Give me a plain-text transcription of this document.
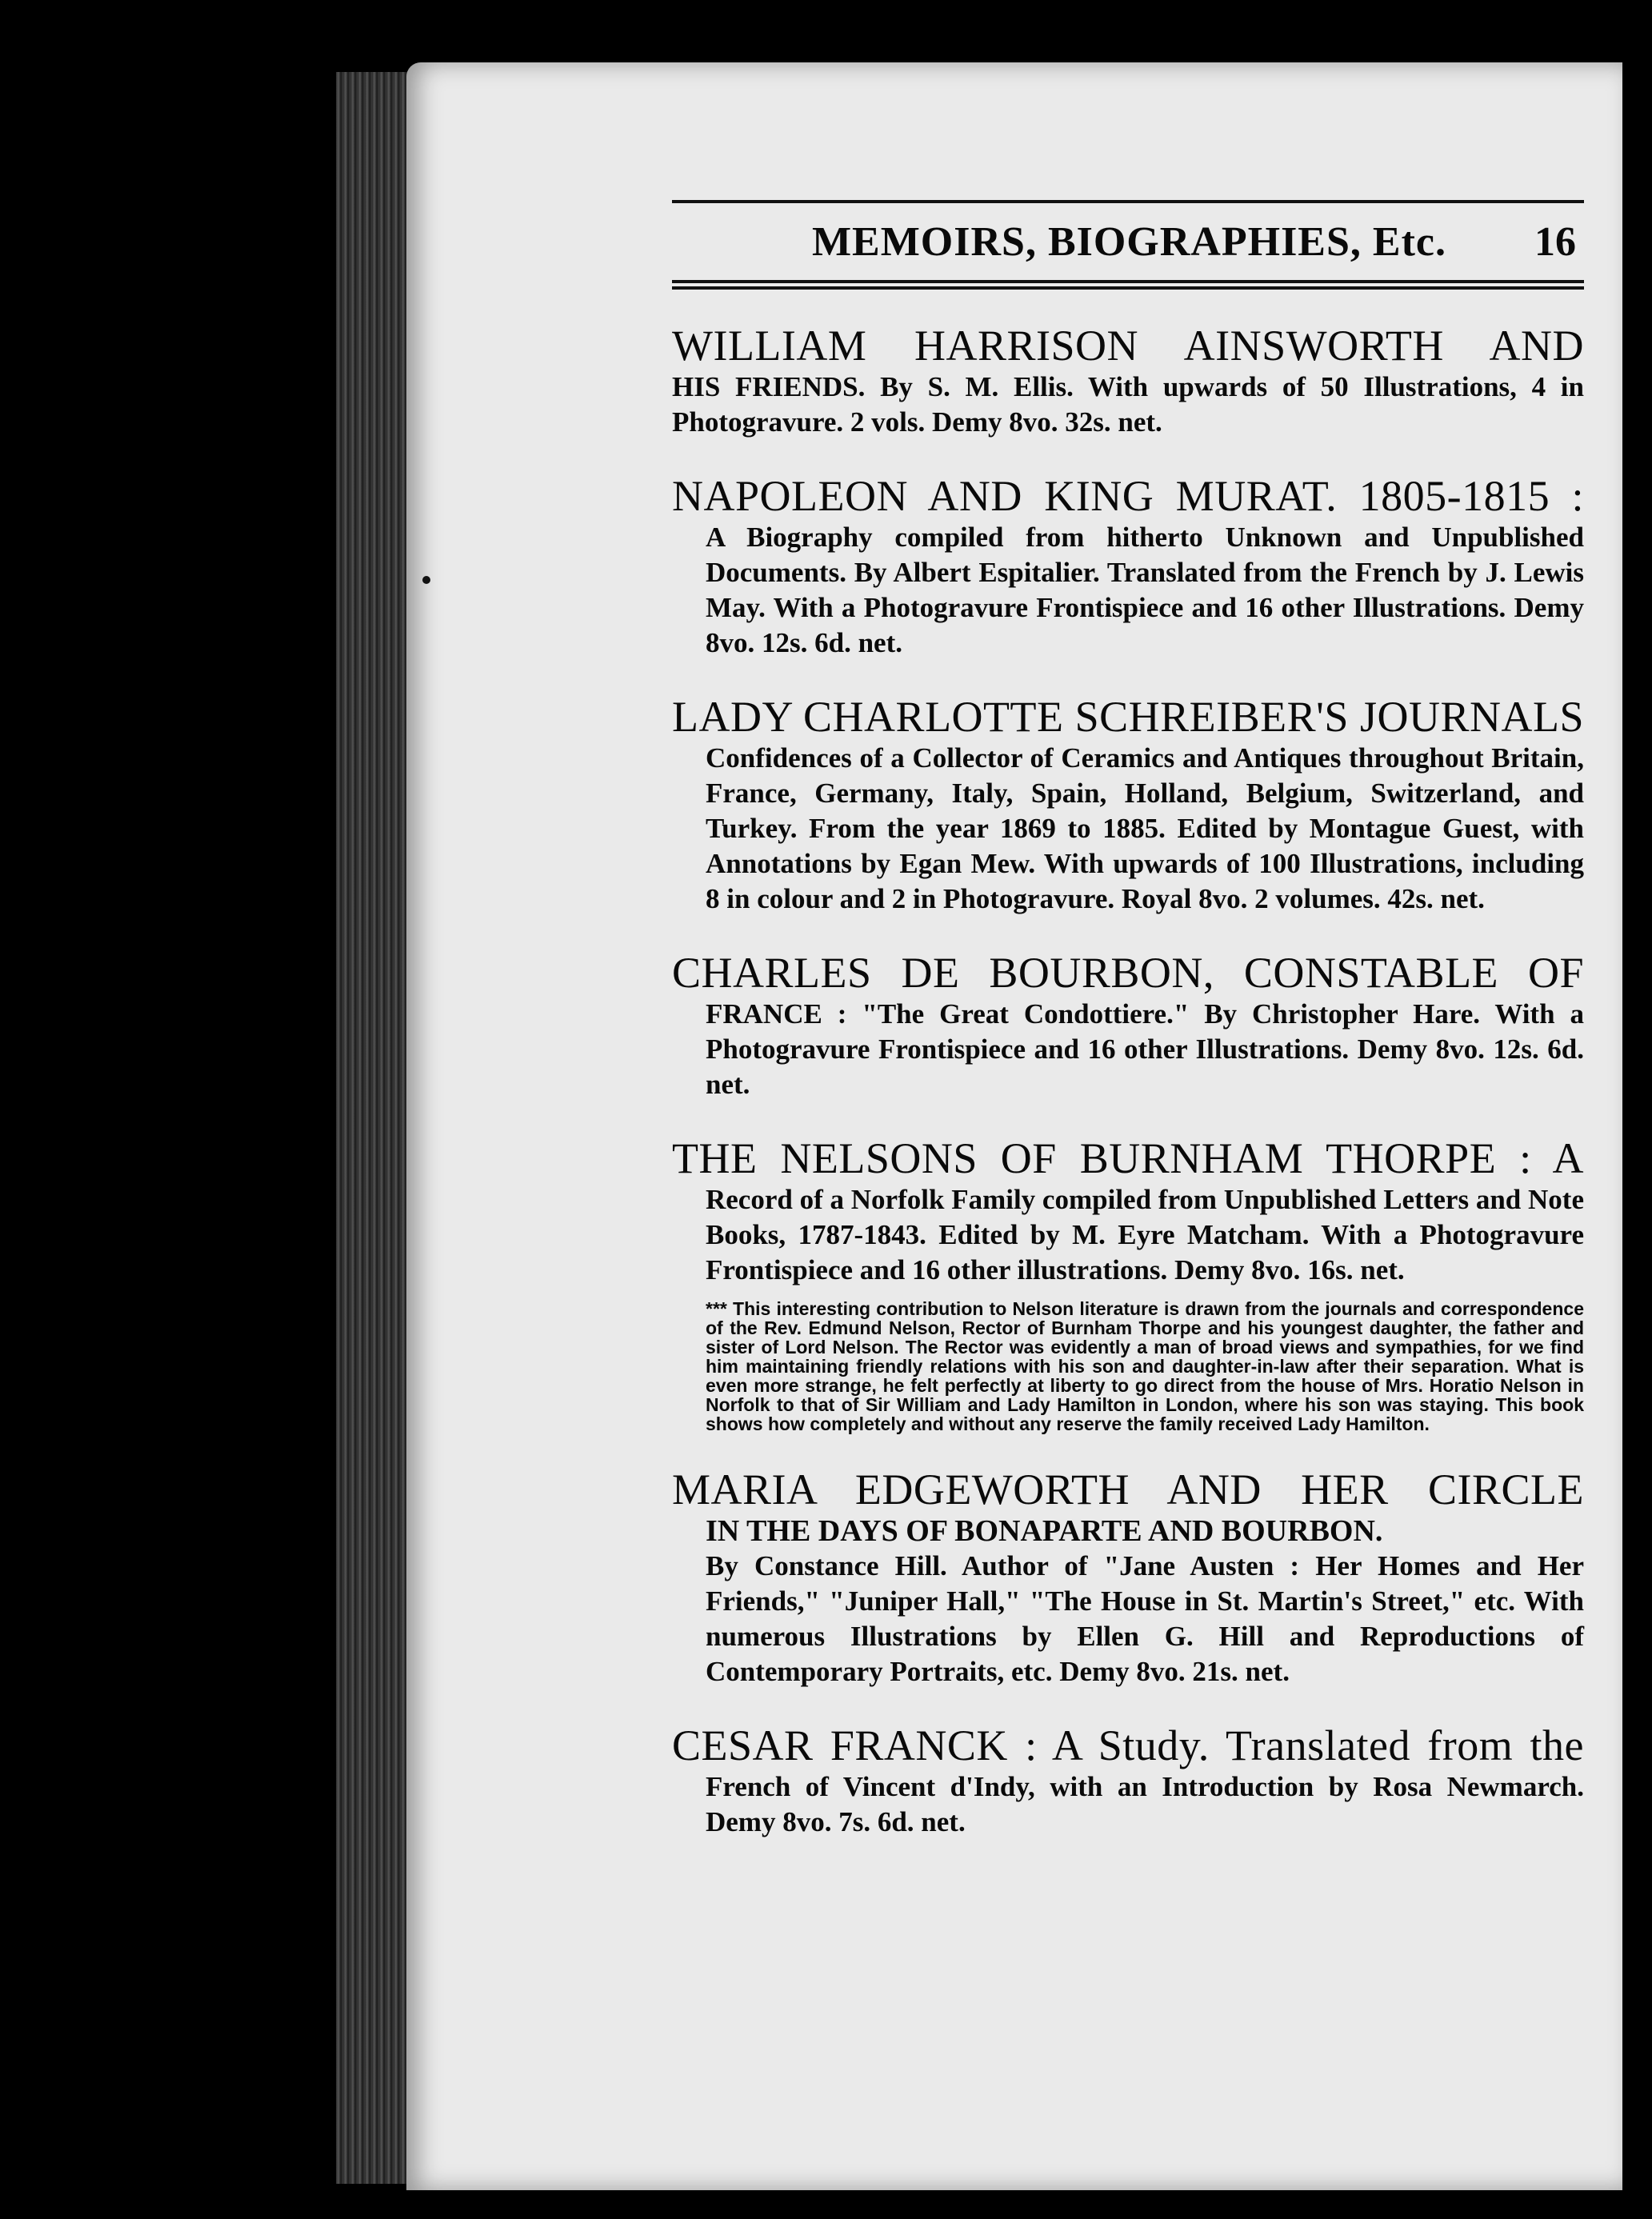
MEMOIRS, BIOGRAPHIES, Etc. 16
WILLIAM HARRISON AINSWORTH AND
HIS FRIENDS. By S. M. Ellis. With upwards of 50 Illustrations, 4 in Photogravure. 2 vols. Demy 8vo. 32s. net.
NAPOLEON AND KING MURAT. 1805-1815 :
A Biography compiled from hitherto Unknown and Unpublished Documents. By Albert Espitalier. Translated from the French by J. Lewis May. With a Photogravure Frontispiece and 16 other Illustrations. Demy 8vo. 12s. 6d. net.
LADY CHARLOTTE SCHREIBER'S JOURNALS
Confidences of a Collector of Ceramics and Antiques throughout Britain, France, Germany, Italy, Spain, Holland, Belgium, Switzerland, and Turkey. From the year 1869 to 1885. Edited by Montague Guest, with Annotations by Egan Mew. With upwards of 100 Illustrations, including 8 in colour and 2 in Photogravure. Royal 8vo. 2 volumes. 42s. net.
CHARLES DE BOURBON, CONSTABLE OF
FRANCE : "The Great Condottiere." By Christopher Hare. With a Photogravure Frontispiece and 16 other Illustrations. Demy 8vo. 12s. 6d. net.
THE NELSONS OF BURNHAM THORPE : A
Record of a Norfolk Family compiled from Unpublished Letters and Note Books, 1787-1843. Edited by M. Eyre Matcham. With a Photogravure Frontispiece and 16 other illustrations. Demy 8vo. 16s. net.
*** This interesting contribution to Nelson literature is drawn from the journals and correspondence of the Rev. Edmund Nelson, Rector of Burnham Thorpe and his youngest daughter, the father and sister of Lord Nelson. The Rector was evidently a man of broad views and sympathies, for we find him maintaining friendly relations with his son and daughter-in-law after their separation. What is even more strange, he felt perfectly at liberty to go direct from the house of Mrs. Horatio Nelson in Norfolk to that of Sir William and Lady Hamilton in London, where his son was staying. This book shows how completely and without any reserve the family received Lady Hamilton.
MARIA EDGEWORTH AND HER CIRCLE
IN THE DAYS OF BONAPARTE AND BOURBON.
By Constance Hill. Author of "Jane Austen : Her Homes and Her Friends," "Juniper Hall," "The House in St. Martin's Street," etc. With numerous Illustrations by Ellen G. Hill and Reproductions of Contemporary Portraits, etc. Demy 8vo. 21s. net.
CESAR FRANCK : A Study. Translated from the
French of Vincent d'Indy, with an Introduction by Rosa Newmarch. Demy 8vo. 7s. 6d. net.
